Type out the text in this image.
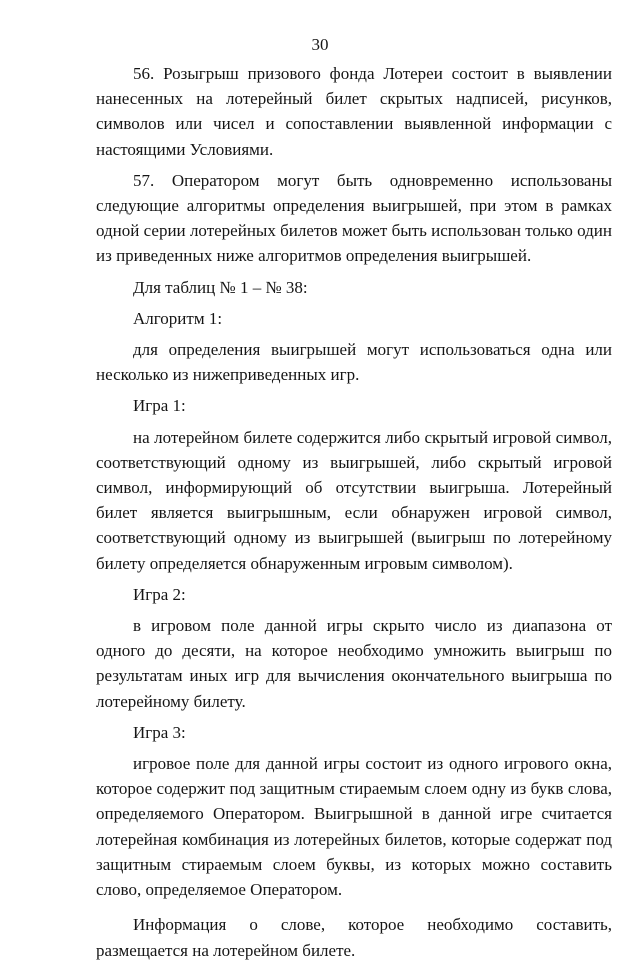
30

56. Розыгрыш призового фонда Лотереи состоит в выявлении нанесенных на лотерейный билет скрытых надписей, рисунков, символов или чисел и сопоставлении выявленной информации с настоящими Условиями.

57. Оператором могут быть одновременно использованы следующие алгоритмы определения выигрышей, при этом в рамках одной серии лотерейных билетов может быть использован только один из приведенных ниже алгоритмов определения выигрышей.

Для таблиц № 1 – № 38:

Алгоритм 1:

для определения выигрышей могут использоваться одна или несколько из нижеприведенных игр.

Игра 1:

на лотерейном билете содержится либо скрытый игровой символ, соответствующий одному из выигрышей, либо скрытый игровой символ, информирующий об отсутствии выигрыша. Лотерейный билет является выигрышным, если обнаружен игровой символ, соответствующий одному из выигрышей (выигрыш по лотерейному билету определяется обнаруженным игровым символом).

Игра 2:

в игровом поле данной игры скрыто число из диапазона от одного до десяти, на которое необходимо умножить выигрыш по результатам иных игр для вычисления окончательного выигрыша по лотерейному билету.

Игра 3:

игровое поле для данной игры состоит из одного игрового окна, которое содержит под защитным стираемым слоем одну из букв слова, определяемого Оператором. Выигрышной в данной игре считается лотерейная комбинация из лотерейных билетов, которые содержат под защитным стираемым слоем буквы, из которых можно составить слово, определяемое Оператором.

Информация о слове, которое необходимо составить, размещается на лотерейном билете.
